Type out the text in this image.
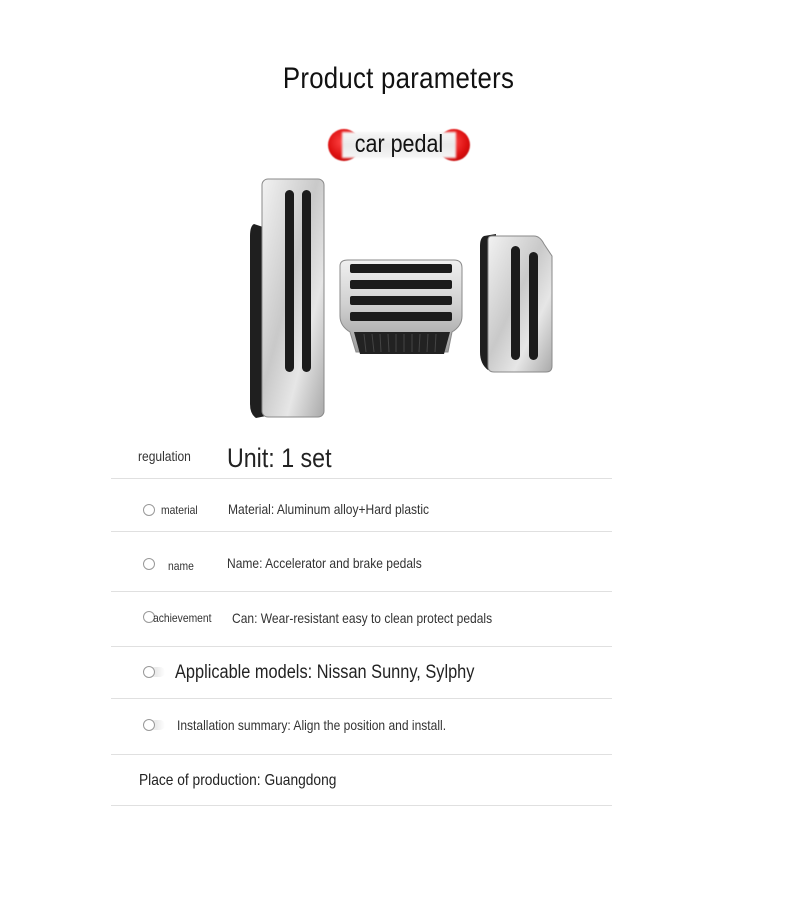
Product parameters
car pedal
regulation Unit: 1 set
material Material: Aluminum alloy+Hard plastic
name Name: Accelerator and brake pedals
achievement Can: Wear-resistant easy to clean protect pedals
Applicable models: Nissan Sunny, Sylphy
Installation summary: Align the position and install.
Place of production: Guangdong
